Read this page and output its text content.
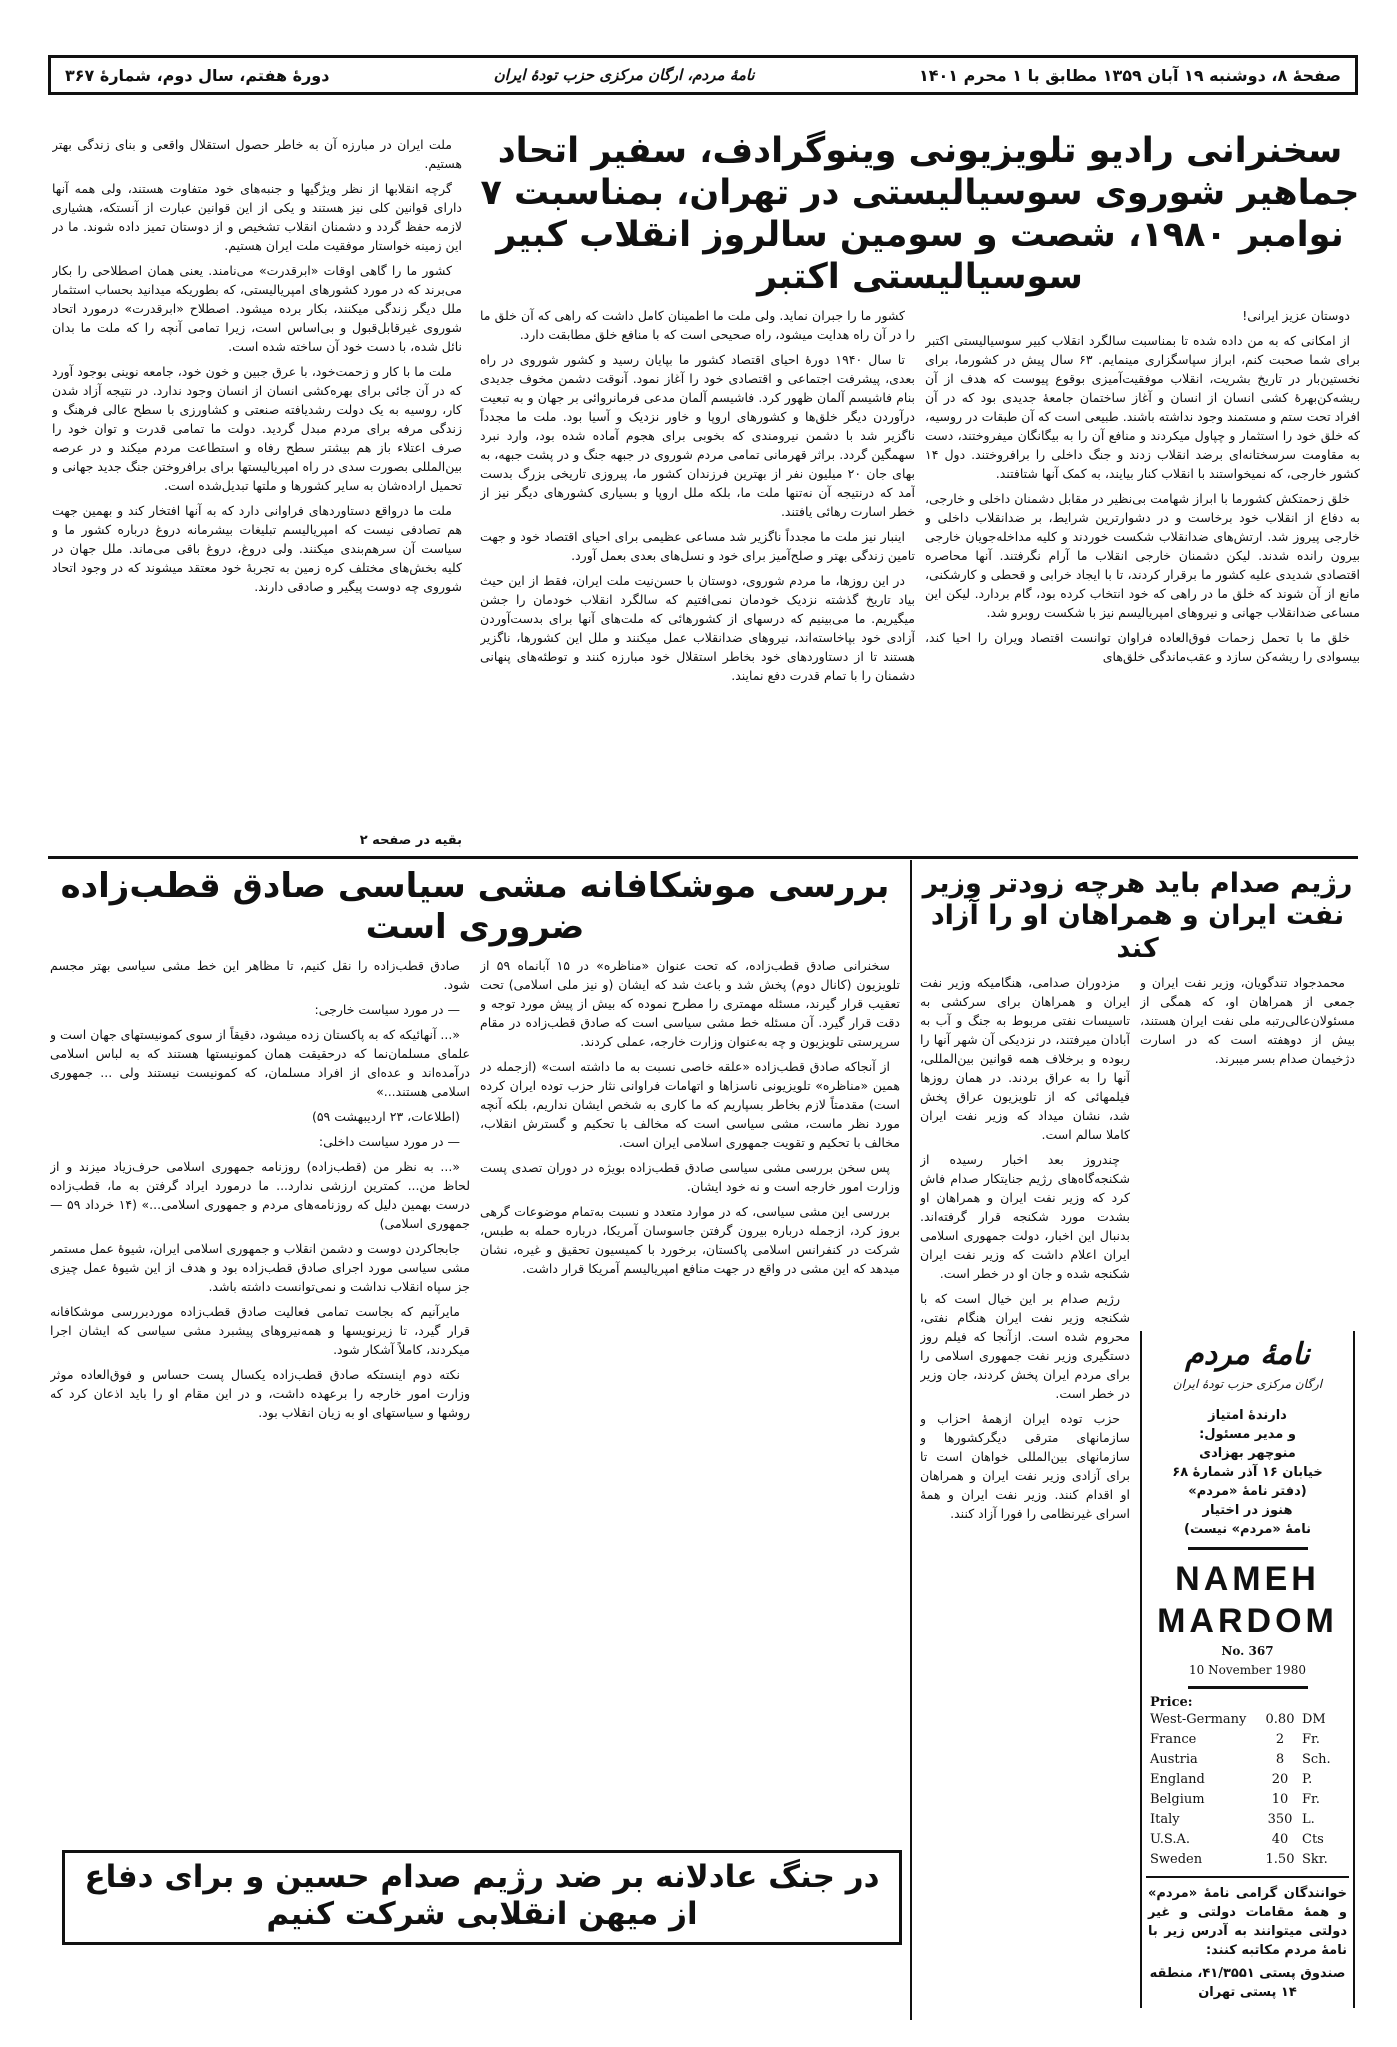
صفحهٔ ۸، دوشنبه ۱۹ آبان ۱۳۵۹ مطابق با ۱ محرم ۱۴۰۱
نامهٔ مردم، ارگان مرکزی حزب تودهٔ ایران
دورهٔ هفتم، سال دوم، شمارهٔ ۳۶۷
سخنرانی رادیو تلویزیونی وینوگرادف، سفیر اتحاد جماهیر شوروی سوسیالیستی در تهران، بمناسبت ۷ نوامبر ۱۹۸۰، شصت و سومین سالروز انقلاب کبیر سوسیالیستی اکتبر

دوستان عزیز ایرانی!

از امکانی که به من داده شده تا بمناسبت سالگرد انقلاب کبیر سوسیالیستی اکتبر برای شما صحبت کنم، ابراز سپاسگزاری مینمایم. ۶۳ سال پیش در کشورما، برای نخستین‌بار در تاریخ بشریت، انقلاب موفقیت‌آمیزی بوقوع پیوست که هدف از آن ریشه‌کن‌بهرهٔ کشی انسان از انسان و آغاز ساختمان جامعهٔ جدیدی بود که در آن افراد تحت ستم و مستمند وجود نداشته باشند. طبیعی است که آن طبقات در روسیه، که خلق خود را استثمار و چپاول میکردند و منافع آن را به بیگانگان میفروختند، دست به مقاومت سرسختانه‌ای برضد انقلاب زدند و جنگ داخلی را برافروختند. دول ۱۴ کشور خارجی، که نمیخواستند با انقلاب کنار بیایند، به کمک آنها شتافتند.

خلق زحمتکش کشورما با ابراز شهامت بی‌نظیر در مقابل دشمنان داخلی و خارجی، به دفاع از انقلاب خود برخاست و در دشوارترین شرایط، بر ضدانقلاب داخلی و خارجی پیروز شد. ارتش‌های ضدانقلاب شکست خوردند و کلیه مداخله‌جویان خارجی بیرون رانده شدند. لیکن دشمنان خارجی انقلاب ما آرام نگرفتند. آنها محاصره اقتصادی شدیدی علیه کشور ما برقرار کردند، تا با ایجاد خرابی و قحطی و کارشکنی، مانع از آن شوند که خلق ما در راهی که خود انتخاب کرده بود، گام بردارد. لیکن این مساعی ضدانقلاب جهانی و نیروهای امپریالیسم نیز با شکست روبرو شد.

خلق ما با تحمل زحمات فوق‌العاده فراوان توانست اقتصاد ویران را احیا کند، بیسوادی را ریشه‌کن سازد و عقب‌ماندگی خلق‌های

کشور ما را جبران نماید. ولی ملت ما اطمینان کامل داشت که راهی که آن خلق ما را در آن راه هدایت میشود، راه صحیحی است که با منافع خلق مطابقت دارد.

تا سال ۱۹۴۰ دورهٔ احیای اقتصاد کشور ما بپایان رسید و کشور شوروی در راه بعدی، پیشرفت اجتماعی و اقتصادی خود را آغاز نمود. آنوقت دشمن مخوف جدیدی بنام فاشیسم آلمان ظهور کرد. فاشیسم آلمان مدعی فرمانروائی بر جهان و به تبعیت درآوردن دیگر خلق‌ها و کشورهای اروپا و خاور نزدیک و آسیا بود. ملت ما مجدداً ناگزیر شد با دشمن نیرومندی که بخوبی برای هجوم آماده شده بود، وارد نبرد سهمگین گردد. براثر قهرمانی تمامی مردم شوروی در جبهه جنگ و در پشت جبهه، به بهای جان ۲۰ میلیون نفر از بهترین فرزندان کشور ما، پیروزی تاریخی بزرگ بدست آمد که درنتیجه آن نه‌تنها ملت ما، بلکه ملل اروپا و بسیاری کشورهای دیگر نیز از خطر اسارت رهائی یافتند.

اینبار نیز ملت ما مجدداً ناگزیر شد مساعی عظیمی برای احیای اقتصاد خود و جهت تامین زندگی بهتر و صلح‌آمیز برای خود و نسل‌های بعدی بعمل آورد.

در این روزها، ما مردم شوروی، دوستان با حسن‌نیت ملت ایران، فقط از این حیث بیاد تاریخ گذشته نزدیک خودمان نمی‌افتیم که سالگرد انقلاب خودمان را جشن میگیریم. ما می‌بینیم که درسهای از کشورهائی که ملت‌های آنها برای بدست‌آوردن آزادی خود بپاخاسته‌اند، نیروهای ضدانقلاب عمل میکنند و ملل این کشورها، ناگزیر هستند تا از دستاوردهای خود بخاطر استقلال خود مبارزه کنند و توطئه‌های پنهانی دشمنان را با تمام قدرت دفع نمایند.

ملت ایران در مبارزه آن به خاطر حصول استقلال واقعی و بنای زندگی بهتر هستیم.

گرچه انقلابها از نظر ویژگیها و جنبه‌های خود متفاوت هستند، ولی همه آنها دارای قوانین کلی نیز هستند و یکی از این قوانین عبارت از آنستکه، هشیاری لازمه حفظ گردد و دشمنان انقلاب تشخیص و از دوستان تمیز داده شوند. ما در این زمینه خواستار موفقیت ملت ایران هستیم.

کشور ما را گاهی اوقات «ابرقدرت» می‌نامند. یعنی همان اصطلاحی را بکار می‌برند که در مورد کشورهای امپریالیستی، که بطوریکه میدانید بحساب استثمار ملل دیگر زندگی میکنند، بکار برده میشود. اصطلاح «ابرقدرت» درمورد اتحاد شوروی غیرقابل‌قبول و بی‌اساس است، زیرا تمامی آنچه را که ملت ما بدان نائل شده، با دست خود آن ساخته شده است.

ملت ما با کار و زحمت‌خود، با عرق جبین و خون خود، جامعه نوینی بوجود آورد که در آن جائی برای بهره‌کشی انسان از انسان وجود ندارد. در نتیجه آزاد شدن کار، روسیه به یک دولت رشدیافته صنعتی و کشاورزی با سطح عالی فرهنگ و زندگی مرفه برای مردم مبدل گردید. دولت ما تمامی قدرت و توان خود را صرف اعتلاء باز هم بیشتر سطح رفاه و استطاعت مردم میکند و در عرصه بین‌المللی بصورت سدی در راه امپریالیستها برای برافروختن جنگ جدید جهانی و تحمیل اراده‌شان به سایر کشورها و ملتها تبدیل‌شده است.

ملت ما درواقع دستاوردهای فراوانی دارد که به آنها افتخار کند و بهمین جهت هم تصادفی نیست که امپریالیسم تبلیغات بیشرمانه دروغ درباره کشور ما و سیاست آن سرهم‌بندی میکنند. ولی دروغ، دروغ باقی می‌ماند. ملل جهان در کلیه بخش‌های مختلف کره زمین به تجربهٔ خود معتقد میشوند که در وجود اتحاد شوروی چه دوست پیگیر و صادقی دارند.

بقیه در صفحه ۲
بررسی موشکافانه مشی سیاسی صادق قطب‌زاده ضروری است

سخنرانی صادق قطب‌زاده، که تحت عنوان «مناظره» در ۱۵ آبانماه ۵۹ از تلویزیون (کانال دوم) پخش شد و باعث شد که ایشان (و نیز ملی اسلامی) تحت تعقیب قرار گیرند، مسئله مهمتری را مطرح نموده که بیش از پیش مورد توجه و دقت قرار گیرد. آن مسئله خط مشی سیاسی است که صادق قطب‌زاده در مقام سرپرستی تلویزیون و چه به‌عنوان وزارت خارجه، عملی کردند.

از آنجاکه صادق قطب‌زاده «علقه خاصی نسبت به ما داشته است» (ازجمله در همین «مناظره» تلویزیونی ناسزاها و اتهامات فراوانی نثار حزب توده ایران کرده است) مقدمتاً لازم بخاطر بسپاریم که ما کاری به شخص ایشان نداریم، بلکه آنچه مورد نظر ماست، مشی سیاسی است که مخالف با تحکیم و گسترش انقلاب، مخالف با تحکیم و تقویت جمهوری اسلامی ایران است.

پس سخن بررسی مشی سیاسی صادق قطب‌زاده بویژه در دوران تصدی پست وزارت امور خارجه است و نه خود ایشان.

بررسی این مشی سیاسی، که در موارد متعدد و نسبت به‌تمام موضوعات گرهی بروز کرد، ازجمله درباره بیرون گرفتن جاسوسان آمریکا، درباره حمله به طبس، شرکت در کنفرانس اسلامی پاکستان، برخورد با کمیسیون تحقیق و غیره، نشان میدهد که این مشی در واقع در جهت منافع امپریالیسم آمریکا قرار داشت.

صادق قطب‌زاده را نقل کنیم، تا مظاهر این خط مشی سیاسی بهتر مجسم شود.

— در مورد سیاست خارجی:

«... آنهائیکه که به پاکستان زده میشود، دقیقاً از سوی کمونیستهای جهان است و علمای مسلمان‌نما که درحقیقت همان کمونیستها هستند که به لباس اسلامی درآمده‌اند و عده‌ای از افراد مسلمان، که کمونیست نیستند ولی ... جمهوری اسلامی هستند...»

(اطلاعات، ۲۳ اردیبهشت ۵۹)

— در مورد سیاست داخلی:

«... به نظر من (قطب‌زاده) روزنامه جمهوری اسلامی حرف‌زیاد میزند و از لحاظ من... کمترین ارزشی ندارد... ما درمورد ایراد گرفتن به ما، قطب‌زاده درست بهمین دلیل که روزنامه‌های مردم و جمهوری اسلامی...» (۱۴ خرداد ۵۹ — جمهوری اسلامی)

جابجاکردن دوست و دشمن انقلاب و جمهوری اسلامی ایران، شیوهٔ عمل مستمر مشی سیاسی مورد اجرای صادق قطب‌زاده بود و هدف از این شیوهٔ عمل چیزی جز سپاه انقلاب نداشت و نمی‌توانست داشته باشد.

مایرآنیم که بجاست تمامی فعالیت صادق قطب‌زاده موردبررسی موشکافانه قرار گیرد، تا زیرنویسها و همه‌نیروهای پیشبرد مشی سیاسی که ایشان اجرا میکردند، کاملاً آشکار شود.

نکته دوم اینستکه صادق قطب‌زاده یکسال پست حساس و فوق‌العاده موثر وزارت امور خارجه را برعهده داشت، و در این مقام او را باید اذعان کرد که روشها و سیاستهای او به زیان انقلاب بود.

در جنگ عادلانه بر ضد رژیم صدام حسین و برای دفاع از میهن انقلابی شرکت کنیم
رژیم صدام باید هرچه زودتر وزیر نفت ایران و همراهان او را آزاد کند

محمدجواد تندگویان، وزیر نفت ایران و جمعی از همراهان او، که همگی از مسئولان‌عالی‌رتبه ملی نفت ایران هستند، بیش از دوهفته است که در اسارت دژخیمان صدام بسر میبرند.

نامهٔ مردم
ارگان مرکزی حزب تودهٔ ایران
دارندهٔ امتیاز
و مدیر مسئول:
منوچهر بهزادی
خیابان ۱۶ آذر شمارهٔ ۶۸
(دفتر نامهٔ «مردم»
هنوز در اختیار
نامهٔ «مردم» نیست)
NAMEH
MARDOM
No. 367
10 November 1980
Price:
West-Germany	0.80 DM
France	2	Fr.
Austria	8	Sch.
England	20	P.
Belgium	10	Fr.
Italy	350 L.
U.S.A.	40	Cts
Sweden	1.50 Skr.
خوانندگان گرامی نامهٔ «مردم» و همهٔ مقامات دولتی و غیر دولتی میتوانند به آدرس زیر با نامهٔ مردم مکاتبه کنند:
صندوق پستی ۴۱/۳۵۵۱، منطقه ۱۴ پستی تهران

مزدوران صدامی، هنگامیکه وزیر نفت ایران و همراهان برای سرکشی به تاسیسات نفتی مربوط به جنگ و آب به آبادان میرفتند، در نزدیکی آن شهر آنها را ربوده و برخلاف همه قوانین بین‌المللی، آنها را به عراق بردند. در همان روزها فیلمهائی که از تلویزیون عراق پخش شد، نشان میداد که وزیر نفت ایران کاملا سالم است.

چندروز بعد اخبار رسیده از شکنجه‌گاه‌های رژیم جنایتکار صدام فاش کرد که وزیر نفت ایران و همراهان او بشدت مورد شکنجه قرار گرفته‌اند. بدنبال این اخبار، دولت جمهوری اسلامی ایران اعلام داشت که وزیر نفت ایران شکنجه شده و جان او در خطر است.

رژیم صدام بر این خیال است که با شکنجه وزیر نفت ایران هنگام نفتی، محروم شده است. ازآنجا که فیلم روز دستگیری وزیر نفت جمهوری اسلامی را برای مردم ایران پخش کردند، جان وزیر در خطر است.

حزب توده ایران ازهمهٔ احزاب و سازمانهای مترقی دیگرکشورها و سازمانهای بین‌المللی خواهان است تا برای آزادی وزیر نفت ایران و همراهان او اقدام کنند. وزیر نفت ایران و همهٔ اسرای غیرنظامی را فورا آزاد کنند.
